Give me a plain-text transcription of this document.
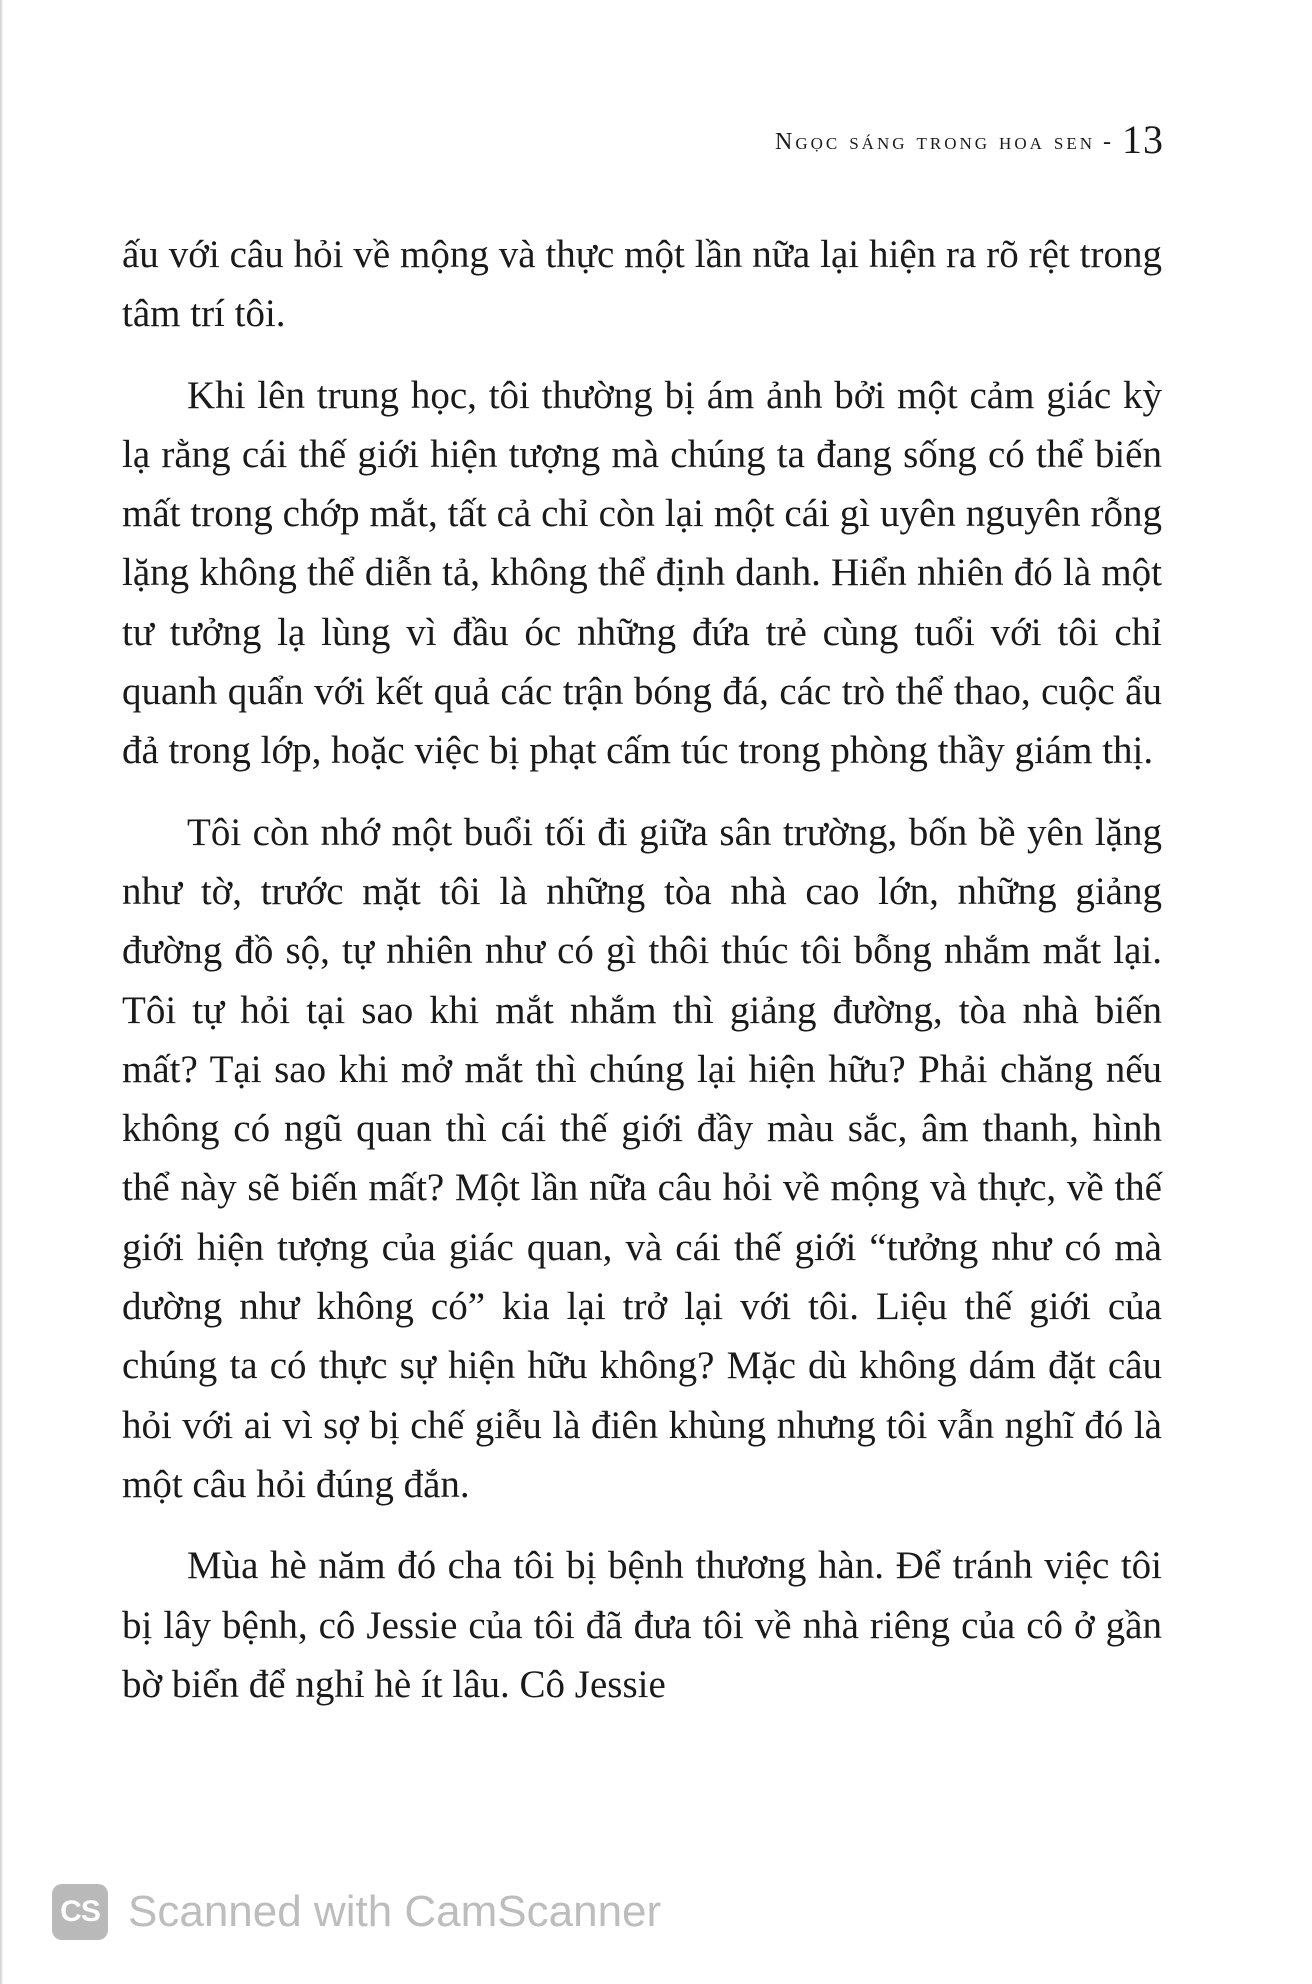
Ngọc sáng trong hoa sen - 13

ấu với câu hỏi về mộng và thực một lần nữa lại hiện ra rõ rệt trong tâm trí tôi.

Khi lên trung học, tôi thường bị ám ảnh bởi một cảm giác kỳ lạ rằng cái thế giới hiện tượng mà chúng ta đang sống có thể biến mất trong chớp mắt, tất cả chỉ còn lại một cái gì uyên nguyên rỗng lặng không thể diễn tả, không thể định danh. Hiển nhiên đó là một tư tưởng lạ lùng vì đầu óc những đứa trẻ cùng tuổi với tôi chỉ quanh quẩn với kết quả các trận bóng đá, các trò thể thao, cuộc ẩu đả trong lớp, hoặc việc bị phạt cấm túc trong phòng thầy giám thị.

Tôi còn nhớ một buổi tối đi giữa sân trường, bốn bề yên lặng như tờ, trước mặt tôi là những tòa nhà cao lớn, những giảng đường đồ sộ, tự nhiên như có gì thôi thúc tôi bỗng nhắm mắt lại. Tôi tự hỏi tại sao khi mắt nhắm thì giảng đường, tòa nhà biến mất? Tại sao khi mở mắt thì chúng lại hiện hữu? Phải chăng nếu không có ngũ quan thì cái thế giới đầy màu sắc, âm thanh, hình thể này sẽ biến mất? Một lần nữa câu hỏi về mộng và thực, về thế giới hiện tượng của giác quan, và cái thế giới “tưởng như có mà dường như không có” kia lại trở lại với tôi. Liệu thế giới của chúng ta có thực sự hiện hữu không? Mặc dù không dám đặt câu hỏi với ai vì sợ bị chế giễu là điên khùng nhưng tôi vẫn nghĩ đó là một câu hỏi đúng đắn.

Mùa hè năm đó cha tôi bị bệnh thương hàn. Để tránh việc tôi bị lây bệnh, cô Jessie của tôi đã đưa tôi về nhà riêng của cô ở gần bờ biển để nghỉ hè ít lâu. Cô Jessie

CS Scanned with CamScanner
